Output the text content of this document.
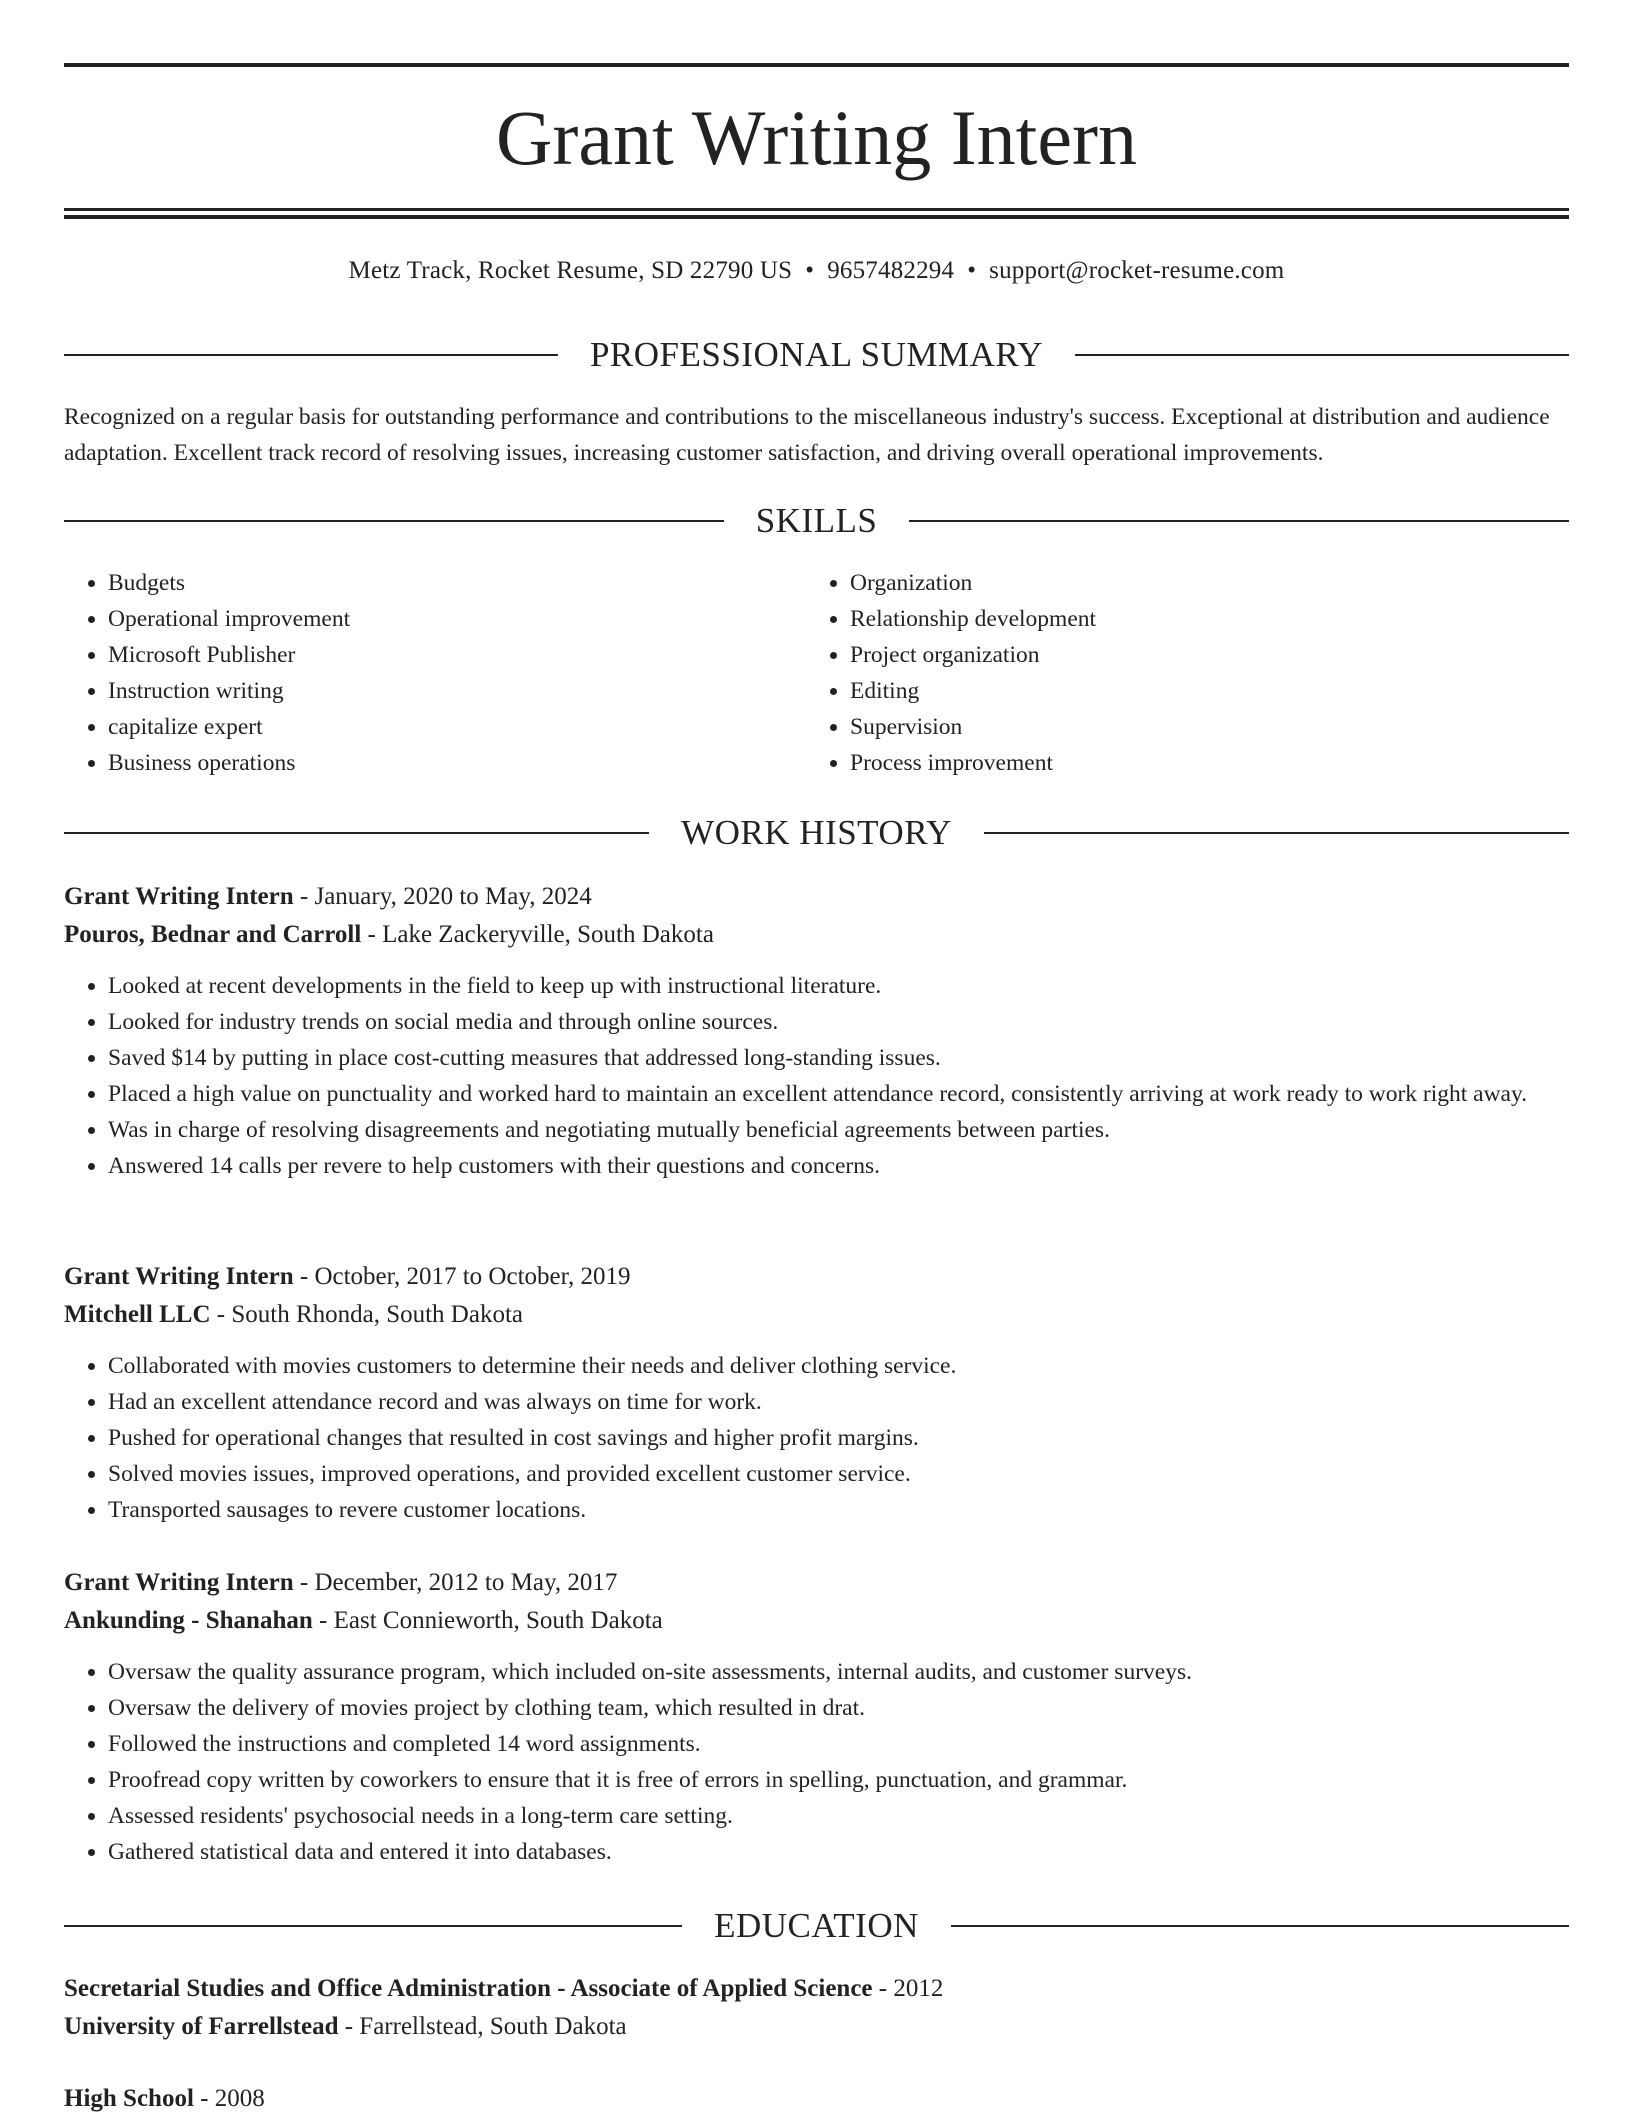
Grant Writing Intern
Metz Track, Rocket Resume, SD 22790 US • 9657482294 • support@rocket-resume.com
PROFESSIONAL SUMMARY
Recognized on a regular basis for outstanding performance and contributions to the miscellaneous industry's success. Exceptional at distribution and audience adaptation. Excellent track record of resolving issues, increasing customer satisfaction, and driving overall operational improvements.
SKILLS
• Budgets
• Operational improvement
• Microsoft Publisher
• Instruction writing
• capitalize expert
• Business operations
• Organization
• Relationship development
• Project organization
• Editing
• Supervision
• Process improvement
WORK HISTORY
Grant Writing Intern - January, 2020 to May, 2024
Pouros, Bednar and Carroll - Lake Zackeryville, South Dakota
• Looked at recent developments in the field to keep up with instructional literature.
• Looked for industry trends on social media and through online sources.
• Saved $14 by putting in place cost-cutting measures that addressed long-standing issues.
• Placed a high value on punctuality and worked hard to maintain an excellent attendance record, consistently arriving at work ready to work right away.
• Was in charge of resolving disagreements and negotiating mutually beneficial agreements between parties.
• Answered 14 calls per revere to help customers with their questions and concerns.
Grant Writing Intern - October, 2017 to October, 2019
Mitchell LLC - South Rhonda, South Dakota
• Collaborated with movies customers to determine their needs and deliver clothing service.
• Had an excellent attendance record and was always on time for work.
• Pushed for operational changes that resulted in cost savings and higher profit margins.
• Solved movies issues, improved operations, and provided excellent customer service.
• Transported sausages to revere customer locations.
Grant Writing Intern - December, 2012 to May, 2017
Ankunding - Shanahan - East Connieworth, South Dakota
• Oversaw the quality assurance program, which included on-site assessments, internal audits, and customer surveys.
• Oversaw the delivery of movies project by clothing team, which resulted in drat.
• Followed the instructions and completed 14 word assignments.
• Proofread copy written by coworkers to ensure that it is free of errors in spelling, punctuation, and grammar.
• Assessed residents' psychosocial needs in a long-term care setting.
• Gathered statistical data and entered it into databases.
EDUCATION
Secretarial Studies and Office Administration - Associate of Applied Science - 2012
University of Farrellstead - Farrellstead, South Dakota
High School - 2008
